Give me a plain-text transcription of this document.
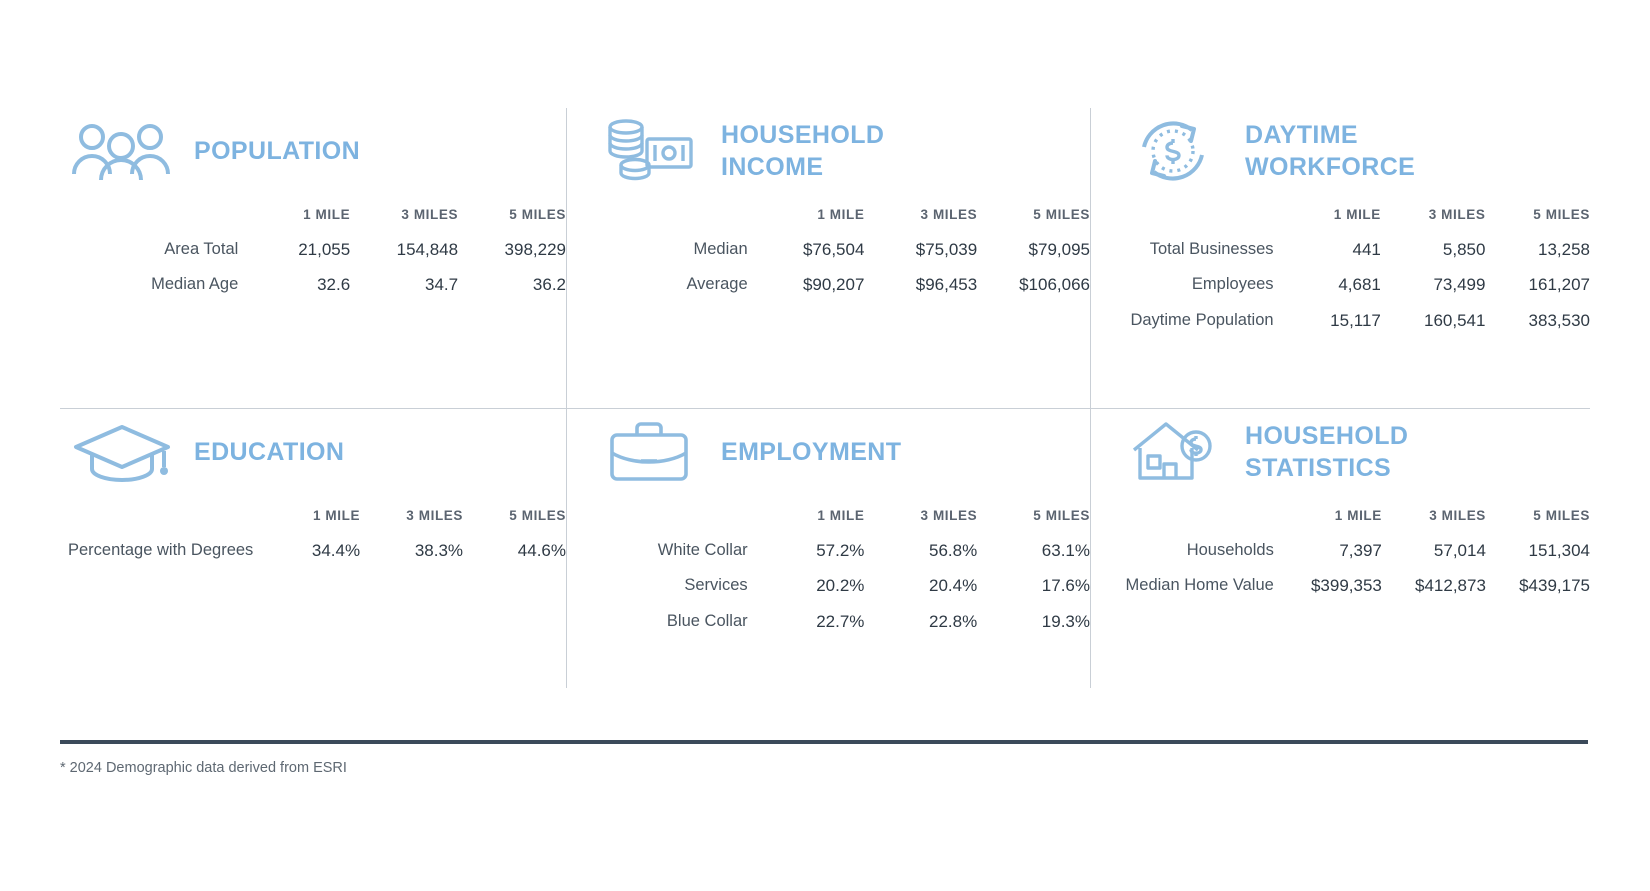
POPULATION
	1 MILE	3 MILES	5 MILES
Area Total	21,055	154,848	398,229
Median Age	32.6	34.7	36.2
HOUSEHOLD
INCOME
	1 MILE	3 MILES	5 MILES
Median	$76,504	$75,039	$79,095
Average	$90,207	$96,453	$106,066
DAYTIME
WORKFORCE
	1 MILE	3 MILES	5 MILES
Total Businesses	441	5,850	13,258
Employees	4,681	73,499	161,207
Daytime Population	15,117	160,541	383,530
EDUCATION
	1 MILE	3 MILES	5 MILES
Percentage with Degrees	34.4%	38.3%	44.6%
EMPLOYMENT
	1 MILE	3 MILES	5 MILES
White Collar	57.2%	56.8%	63.1%
Services	20.2%	20.4%	17.6%
Blue Collar	22.7%	22.8%	19.3%
HOUSEHOLD
STATISTICS
	1 MILE	3 MILES	5 MILES
Households	7,397	57,014	151,304
Median Home Value	$399,353	$412,873	$439,175
* 2024 Demographic data derived from ESRI
